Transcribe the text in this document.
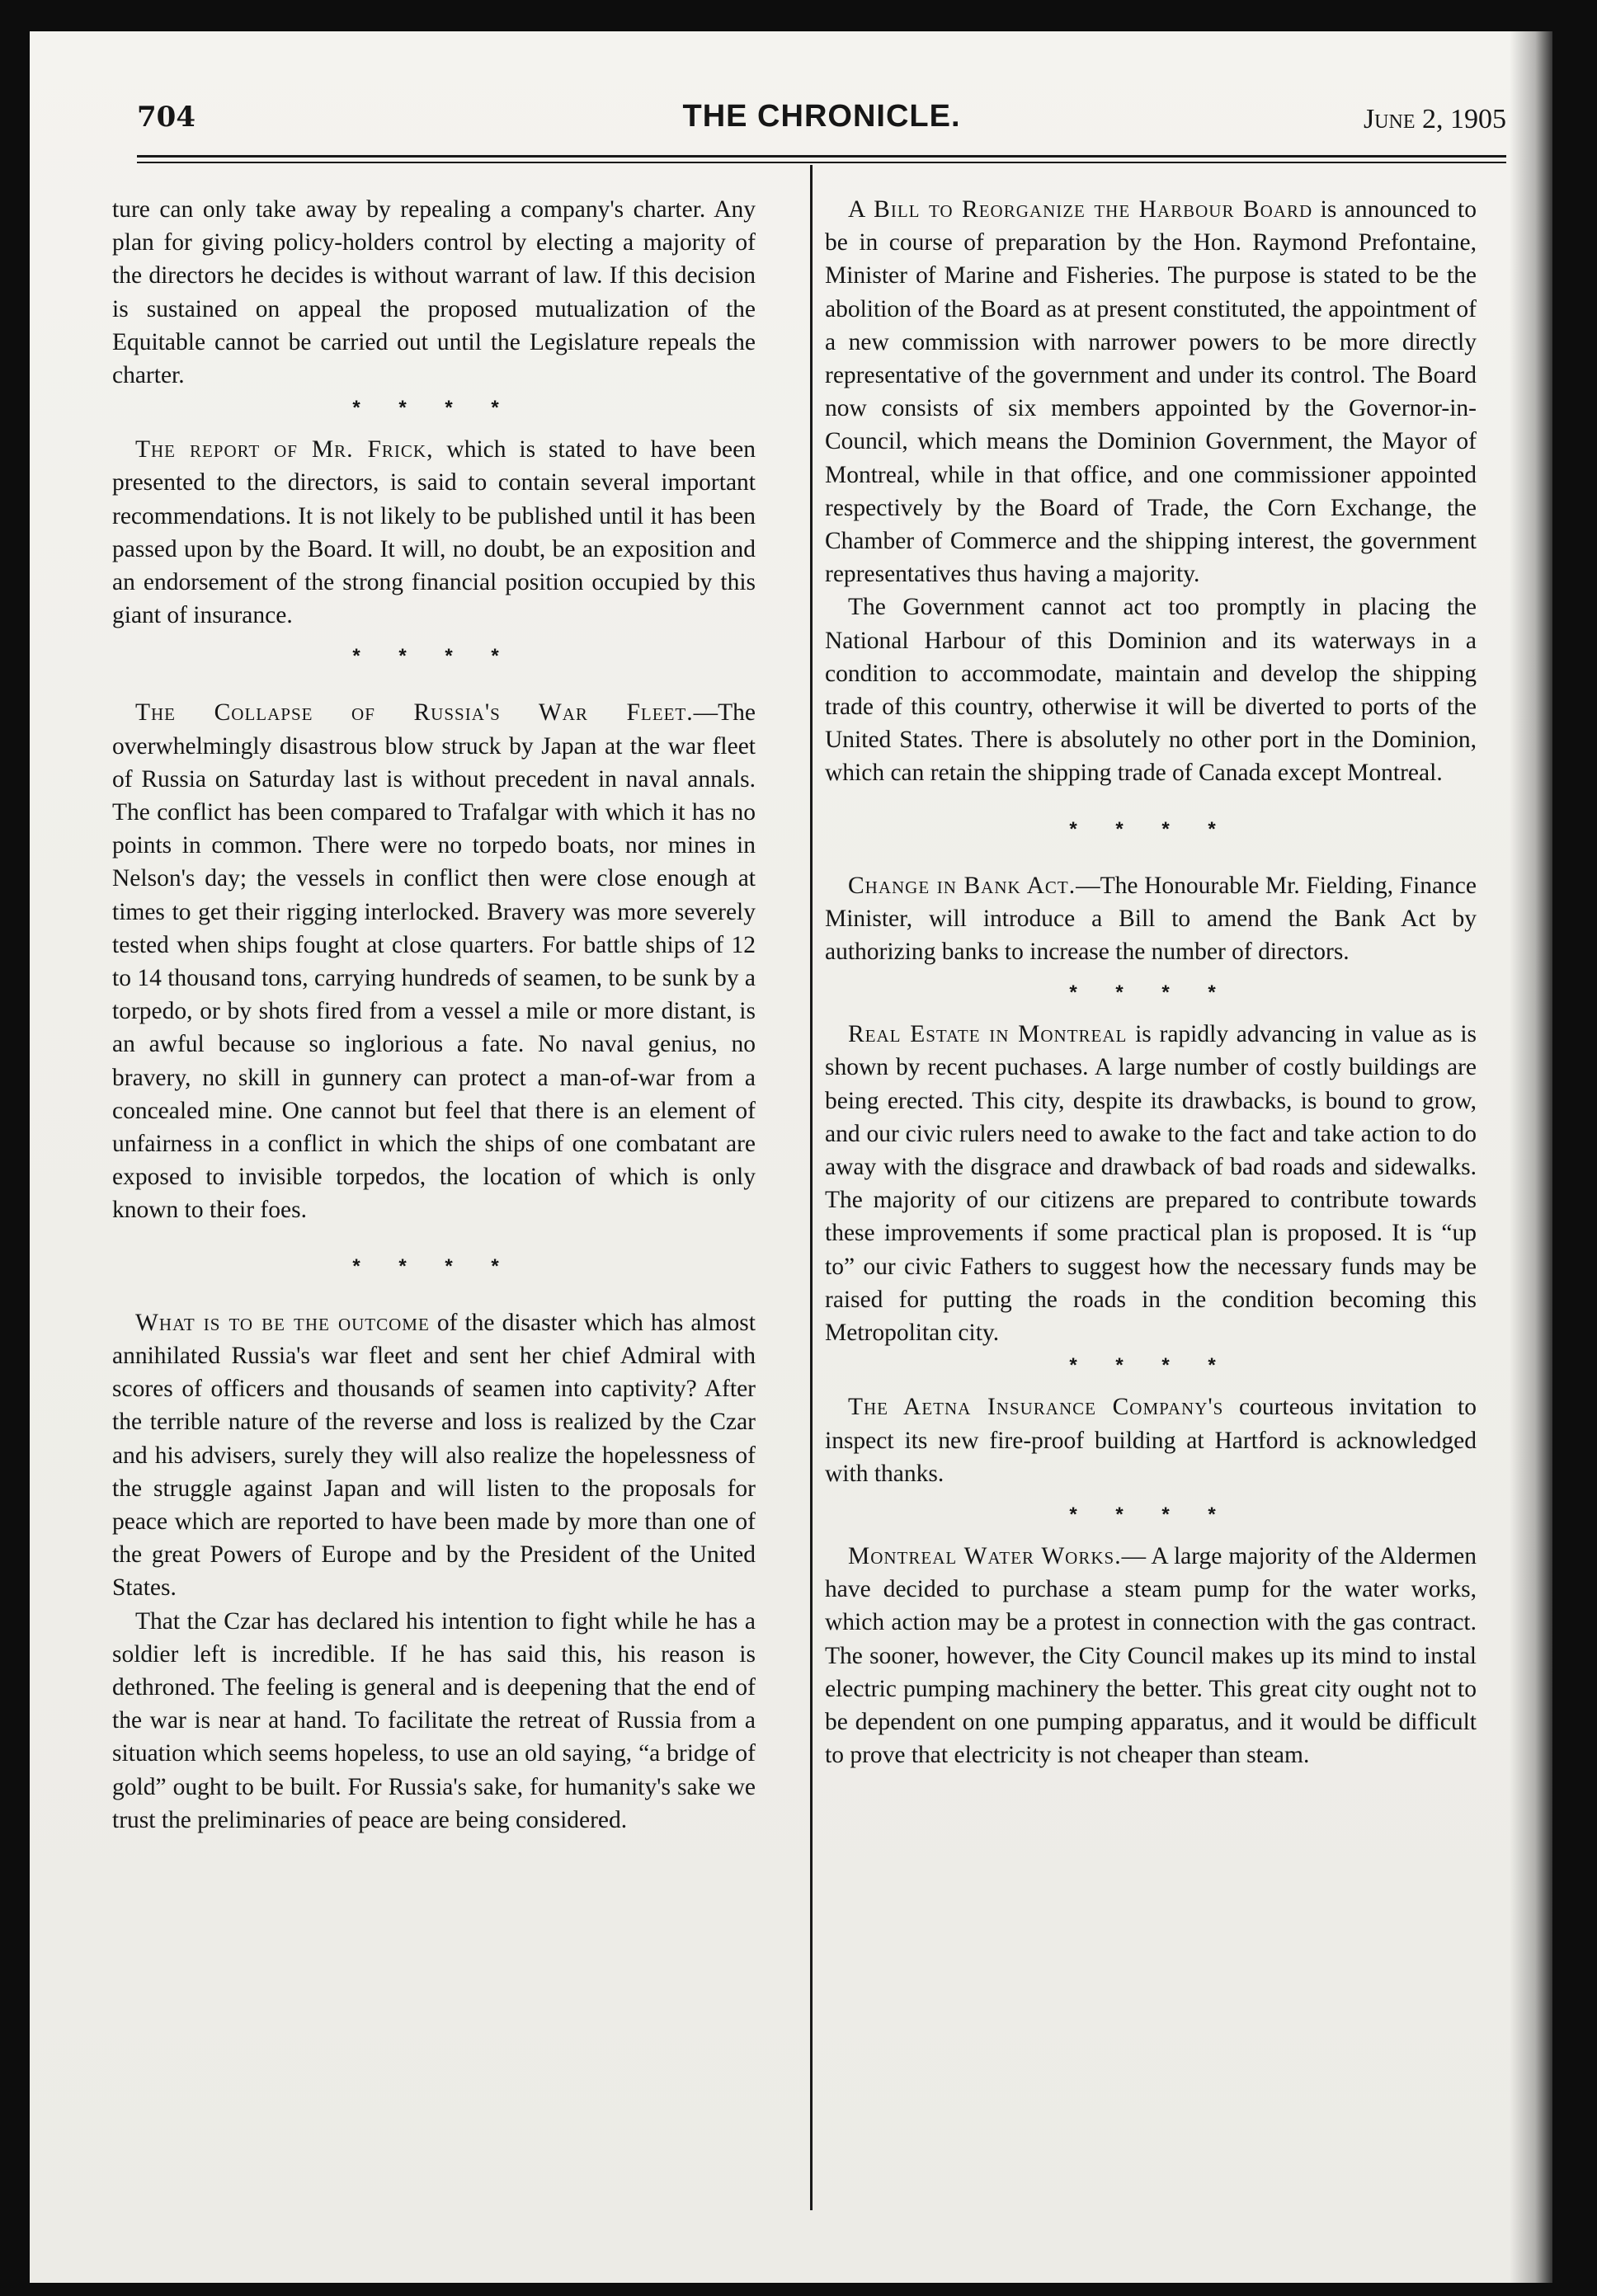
704	THE CHRONICLE.	June 2, 1905

ture can only take away by repealing a company's charter. Any plan for giving policy-holders control by electing a majority of the directors he decides is without warrant of law. If this decision is sustained on appeal the proposed mutualization of the Equitable cannot be carried out until the Legislature repeals the charter.

* * * *

The report of Mr. Frick, which is stated to have been presented to the directors, is said to contain several important recommendations. It is not likely to be published until it has been passed upon by the Board. It will, no doubt, be an exposition and an endorsement of the strong financial position occupied by this giant of insurance.

* * * *

The Collapse of Russia's War Fleet.—The overwhelmingly disastrous blow struck by Japan at the war fleet of Russia on Saturday last is without precedent in naval annals. The conflict has been compared to Trafalgar with which it has no points in common. There were no torpedo boats, nor mines in Nelson's day; the vessels in conflict then were close enough at times to get their rigging interlocked. Bravery was more severely tested when ships fought at close quarters. For battle ships of 12 to 14 thousand tons, carrying hundreds of seamen, to be sunk by a torpedo, or by shots fired from a vessel a mile or more distant, is an awful because so inglorious a fate. No naval genius, no bravery, no skill in gunnery can protect a man-of-war from a concealed mine. One cannot but feel that there is an element of unfairness in a conflict in which the ships of one combatant are exposed to invisible torpedos, the location of which is only known to their foes.

* * * *

What is to be the outcome of the disaster which has almost annihilated Russia's war fleet and sent her chief Admiral with scores of officers and thousands of seamen into captivity? After the terrible nature of the reverse and loss is realized by the Czar and his advisers, surely they will also realize the hopelessness of the struggle against Japan and will listen to the proposals for peace which are reported to have been made by more than one of the great Powers of Europe and by the President of the United States.

That the Czar has declared his intention to fight while he has a soldier left is incredible. If he has said this, his reason is dethroned. The feeling is general and is deepening that the end of the war is near at hand. To facilitate the retreat of Russia from a situation which seems hopeless, to use an old saying, “a bridge of gold” ought to be built. For Russia's sake, for humanity's sake we trust the preliminaries of peace are being considered.

A Bill to Reorganize the Harbour Board is announced to be in course of preparation by the Hon. Raymond Prefontaine, Minister of Marine and Fisheries. The purpose is stated to be the abolition of the Board as at present constituted, the appointment of a new commission with narrower powers to be more directly representative of the government and under its control. The Board now consists of six members appointed by the Governor-in-Council, which means the Dominion Government, the Mayor of Montreal, while in that office, and one commissioner appointed respectively by the Board of Trade, the Corn Exchange, the Chamber of Commerce and the shipping interest, the government representatives thus having a majority.

The Government cannot act too promptly in placing the National Harbour of this Dominion and its waterways in a condition to accommodate, maintain and develop the shipping trade of this country, otherwise it will be diverted to ports of the United States. There is absolutely no other port in the Dominion, which can retain the shipping trade of Canada except Montreal.

* * * *

Change in Bank Act.—The Honourable Mr. Fielding, Finance Minister, will introduce a Bill to amend the Bank Act by authorizing banks to increase the number of directors.

* * * *

Real Estate in Montreal is rapidly advancing in value as is shown by recent puchases. A large number of costly buildings are being erected. This city, despite its drawbacks, is bound to grow, and our civic rulers need to awake to the fact and take action to do away with the disgrace and drawback of bad roads and sidewalks. The majority of our citizens are prepared to contribute towards these improvements if some practical plan is proposed. It is “up to” our civic Fathers to suggest how the necessary funds may be raised for putting the roads in the condition becoming this Metropolitan city.

* * * *

The Aetna Insurance Company's courteous invitation to inspect its new fire-proof building at Hartford is acknowledged with thanks.

* * * *

Montreal Water Works.— A large majority of the Aldermen have decided to purchase a steam pump for the water works, which action may be a protest in connection with the gas contract. The sooner, however, the City Council makes up its mind to instal electric pumping machinery the better. This great city ought not to be dependent on one pumping apparatus, and it would be difficult to prove that electricity is not cheaper than steam.
